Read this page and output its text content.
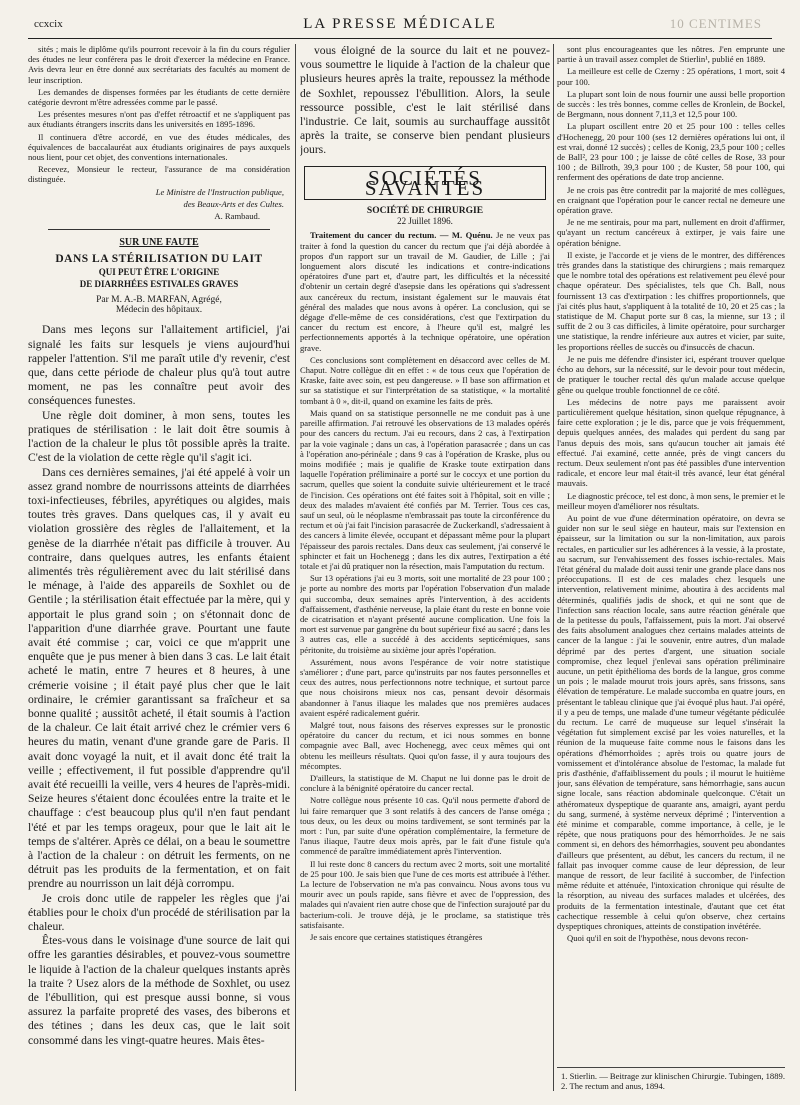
ccxcix	LA PRESSE MÉDICALE	10 CENTIMES

sités ; mais le diplôme qu'ils pourront recevoir à la fin du cours régulier des études ne leur conférera pas le droit d'exercer la médecine en France. Avis devra leur en être donné aux secrétariats des facultés au moment de leur inscription.

Les demandes de dispenses formées par les étudiants de cette dernière catégorie devront m'être adressées comme par le passé.

Les présentes mesures n'ont pas d'effet rétroactif et ne s'appliquent pas aux étudiants étrangers inscrits dans les universités en 1895-1896.

Il continuera d'être accordé, en vue des études médicales, des équivalences de baccalauréat aux étudiants originaires de pays auxquels nous lient, pour cet objet, des conventions internationales.

Recevez, Monsieur le recteur, l'assurance de ma considération distinguée.

Le Ministre de l'Instruction publique,

des Beaux-Arts et des Cultes.

A. Rambaud.

SUR UNE FAUTE
DANS LA STÉRILISATION DU LAIT
QUI PEUT ÊTRE L'ORIGINE
DE DIARRHÉES ESTIVALES GRAVES
Par M. A.-B. MARFAN, Agrégé,
Médecin des hôpitaux.

Dans mes leçons sur l'allaitement artificiel, j'ai signalé les faits sur lesquels je viens aujourd'hui rappeler l'attention. S'il me paraît utile d'y revenir, c'est que, dans cette période de chaleur plus qu'à tout autre moment, ne pas les connaître peut avoir des conséquences funestes.

Une règle doit dominer, à mon sens, toutes les pratiques de stérilisation : le lait doit être soumis à l'action de la chaleur le plus tôt possible après la traite. C'est de la violation de cette règle qu'il s'agit ici.

Dans ces dernières semaines, j'ai été appelé à voir un assez grand nombre de nourrissons atteints de diarrhées toxi-infectieuses, fébriles, apyrétiques ou algides, mais toutes très graves. Dans quelques cas, il y avait eu violation grossière des règles de l'allaitement, et la genèse de la diarrhée n'était pas difficile à trouver. Au contraire, dans quelques autres, les enfants étaient alimentés très régulièrement avec du lait stérilisé dans le ménage, à l'aide des appareils de Soxhlet ou de Gentile ; la stérilisation était effectuée par la mère, qui y apportait le plus grand soin ; on s'étonnait donc de l'apparition d'une diarrhée grave. Pourtant une faute avait été commise ; car, voici ce que m'apprit une enquête que je pus mener à bien dans 3 cas. Le lait était acheté le matin, entre 7 heures et 8 heures, à une crémerie voisine ; il était payé plus cher que le lait ordinaire, le crémier garantissant sa fraîcheur et sa bonne qualité ; aussitôt acheté, il était soumis à l'action de la chaleur. Ce lait était arrivé chez le crémier vers 6 heures du matin, venant d'une grande gare de Paris. Il avait donc voyagé la nuit, et il avait donc été trait la veille ; effectivement, il fut possible d'apprendre qu'il avait été recueilli la veille, vers 4 heures de l'après-midi. Seize heures s'étaient donc écoulées entre la traite et le chauffage : c'est beaucoup plus qu'il n'en faut pendant l'été et par les temps orageux, pour que le lait ait le temps de s'altérer. Après ce délai, on a beau le soumettre à l'action de la chaleur : on détruit les ferments, on ne détruit pas les produits de la fermentation, et on fait prendre au nourrisson un lait déjà corrompu.

Je crois donc utile de rappeler les règles que j'ai établies pour le choix d'un procédé de stérilisation par la chaleur.

Êtes-vous dans le voisinage d'une source de lait qui offre les garanties désirables, et pouvez-vous soumettre le liquide à l'action de la chaleur quelques instants après la traite ? Usez alors de la méthode de Soxhlet, ou usez de l'ébullition, qui est presque aussi bonne, si vous assurez la parfaite propreté des vases, des biberons et des tétines ; dans les deux cas, que le lait soit consommé dans les vingt-quatre heures. Mais êtes-

vous éloigné de la source du lait et ne pouvez-vous soumettre le liquide à l'action de la chaleur que plusieurs heures après la traite, repoussez la méthode de Soxhlet, repoussez l'ébullition. Alors, la seule ressource possible, c'est le lait stérilisé dans l'industrie. Ce lait, soumis au surchauffage aussitôt après la traite, se conserve bien pendant plusieurs jours.

SOCIÉTÉS SAVANTES
SOCIÉTÉ DE CHIRURGIE
22 Juillet 1896.

Traitement du cancer du rectum. — M. Quénu. Je ne veux pas traiter à fond la question du cancer du rectum que j'ai déjà abordée à propos d'un rapport sur un travail de M. Gaudier, de Lille ; j'ai longuement alors discuté les indications et contre-indications opératoires d'une part et, d'autre part, les difficultés et la nécessité d'obtenir un certain degré d'asepsie dans les opérations qui s'adressent aux cancéreux du rectum, insistant également sur le mauvais état général des malades que nous avons à opérer. La conclusion, qui se dégage d'elle-même de ces considérations, c'est que l'extirpation du cancer du rectum est encore, à l'heure qu'il est, malgré les perfectionnements apportés à la technique opératoire, une opération grave.

Ces conclusions sont complètement en désaccord avec celles de M. Chaput. Notre collègue dit en effet : « de tous ceux que l'opération de Kraske, faite avec soin, est peu dangereuse. » Il base son affirmation et sur sa statistique et sur l'interprétation de sa statistique, « la mortalité tombant à 0 », dit-il, quand on examine les faits de près.

Mais quand on sa statistique personnelle ne me conduit pas à une pareille affirmation. J'ai retrouvé les observations de 13 malades opérés pour des cancers du rectum. J'ai eu recours, dans 2 cas, à l'extirpation par la voie vaginale ; dans un cas, à l'opération parasacrée ; dans un cas à l'opération ano-périnéale ; dans 9 cas à l'opération de Kraske, plus ou moins modifiée ; mais je qualifie de Kraske toute extirpation dans laquelle l'opération préliminaire a porté sur le coccyx et une portion du sacrum, quelles que soient la conduite suivie ultérieurement et le tracé de l'incision. Ces opérations ont été faites soit à l'hôpital, soit en ville ; deux des malades m'avaient été confiés par M. Terrier. Tous ces cas, sauf un seul, où le néoplasme n'embrassait pas toute la circonférence du rectum et où j'ai fait l'incision parasacrée de Zuckerkandl, s'adressaient à des cancers à limite élevée, occupant et dépassant même pour la plupart l'épaisseur des parois rectales. Dans deux cas seulement, j'ai conservé le sphincter et fait un Hochenegg ; dans les dix autres, l'extirpation a été totale et j'ai dû pratiquer non la résection, mais l'amputation du rectum.

Sur 13 opérations j'ai eu 3 morts, soit une mortalité de 23 pour 100 ; je porte au nombre des morts par l'opération l'observation d'un malade qui succomba, deux semaines après l'intervention, à des accidents d'affaissement, d'asthénie nerveuse, la plaie étant du reste en bonne voie de cicatrisation et n'ayant présenté aucune complication. Une fois la mort est survenue par gangrène du bout supérieur fixé au sacré ; dans les 3 autres cas, elle a succédé à des accidents septicémiques, sans péritonite, du troisième au sixième jour après l'opération.

Assurément, nous avons l'espérance de voir notre statistique s'améliorer ; d'une part, parce qu'instruits par nos fautes personnelles et ceux des autres, nous perfectionnons notre technique, et surtout parce que nous choisirons mieux nos cas, pensant devoir désormais abandonner à l'anus iliaque les malades que nos premières audaces avaient espéré radicalement guérir.

Malgré tout, nous faisons des réserves expresses sur le pronostic opératoire du cancer du rectum, et ici nous sommes en bonne compagnie avec Ball, avec Hochenegg, avec ceux mêmes qui ont obtenu les meilleurs résultats. Quoi qu'on fasse, il y aura toujours des mécomptes.

D'ailleurs, la statistique de M. Chaput ne lui donne pas le droit de conclure à la bénignité opératoire du cancer rectal.

Notre collègue nous présente 10 cas. Qu'il nous permette d'abord de lui faire remarquer que 3 sont relatifs à des cancers de l'anse oméga ; tous deux, ou les deux ou moins tardivement, se sont terminés par la mort : l'un, par suite d'une opération complémentaire, la fermeture de l'anus iliaque, l'autre deux mois après, par le fait d'une fistule qu'a commencé de paraître immédiatement après l'intervention.

Il lui reste donc 8 cancers du rectum avec 2 morts, soit une mortalité de 25 pour 100. Je sais bien que l'une de ces morts est attribuée à l'éther. La lecture de l'observation ne m'a pas convaincu. Nous avons tous vu mourir avec un pouls rapide, sans fièvre et avec de l'oppression, des malades qui n'avaient rien autre chose que de l'infection surajouté par du bacterium-coli. Je trouve déjà, je le proclame, sa statistique très satisfaisante.

Je sais encore que certaines statistiques étrangères

sont plus encourageantes que les nôtres. J'en emprunte une partie à un travail assez complet de Stierlin¹, publié en 1889.

La meilleure est celle de Czerny : 25 opérations, 1 mort, soit 4 pour 100.

La plupart sont loin de nous fournir une aussi belle proportion de succès : les très bonnes, comme celles de Kronlein, de Bockel, de Bergmann, nous donnent 7,11,3 et 12,5 pour 100.

La plupart oscillent entre 20 et 25 pour 100 : telles celles d'Hochenegg, 20 pour 100 (ses 12 dernières opérations lui ont, il est vrai, donné 12 succès) ; celles de Konig, 23,5 pour 100 ; celles de Ball², 23 pour 100 ; je laisse de côté celles de Rose, 33 pour 100 ; de Billroth, 39,3 pour 100 ; de Kuster, 58 pour 100, qui renferment des opérations de date trop ancienne.

Je ne crois pas être contredit par la majorité de mes collègues, en craignant que l'opération pour le cancer rectal ne demeure une opération grave.

Je ne me sentirais, pour ma part, nullement en droit d'affirmer, qu'ayant un rectum cancéreux à extirper, je vais faire une opération bénigne.

Il existe, je l'accorde et je viens de le montrer, des différences très grandes dans la statistique des chirurgiens ; mais remarquez que le nombre total des opérations est relativement peu élevé pour chaque opérateur. Des spécialistes, tels que Ch. Ball, nous fournissent 13 cas d'extirpation : les chiffres proportionnels, que j'ai cités plus haut, s'appliquent à la totalité de 10, 20 et 25 cas ; la statistique de M. Chaput porte sur 8 cas, la mienne, sur 13 ; il suffit de 2 ou 3 cas difficiles, à limite opératoire, pour surcharger une statistique, la rendre inférieure aux autres et vicier, par suite, les proportions réelles de succès ou d'insuccès de chacun.

Je ne puis me défendre d'insister ici, espérant trouver quelque écho au dehors, sur la nécessité, sur le devoir pour tout médecin, de pratiquer le toucher rectal dès qu'un malade accuse quelque gêne ou quelque trouble fonctionnel de ce côté.

Les médecins de notre pays me paraissent avoir particulièrement quelque hésitation, sinon quelque répugnance, à faire cette exploration ; je le dis, parce que je vois fréquemment, depuis quelques années, des malades qui perdent du sang par l'anus depuis des mois, sans qu'aucun toucher ait jamais été effectué. J'ai examiné, cette année, près de vingt cancers du rectum. Deux seulement n'ont pas été passibles d'une intervention radicale, et encore leur mal était-il très avancé, leur état général mauvais.

Le diagnostic précoce, tel est donc, à mon sens, le premier et le meilleur moyen d'améliorer nos résultats.

Au point de vue d'une détermination opératoire, on devra se guider non sur le seul siège en hauteur, mais sur l'extension en épaisseur, sur la limitation ou sur la non-limitation, aux parois rectales, en particulier sur les adhérences à la vessie, à la prostate, au sacrum, sur l'envahissement des fosses ischio-rectales. Mais l'état général du malade doit aussi tenir une grande place dans nos préoccupations. Il est de ces malades chez lesquels une intervention, relativement minime, aboutira à des accidents mal déterminés, qualifiés jadis de shock, et qui ne sont que de l'infection sans réaction locale, sans autre réaction générale que de la petitesse du pouls, l'affaissement, puis la mort. J'ai observé des faits absolument analogues chez certains malades atteints de cancer de la langue : j'ai le souvenir, entre autres, d'un malade déprimé par des pertes d'argent, une situation sociale compromise, chez lequel j'enlevai sans opération préliminaire aucune, un petit épithélioma des bords de la langue, gros comme un pois ; le malade mourut trois jours après, sans frissons, sans élévation de température. Le malade succomba en quatre jours, en présentant le tableau clinique que j'ai évoqué plus haut. J'ai opéré, il y a peu de temps, une malade d'une tumeur végétante pédiculée du rectum. Le carré de muqueuse sur lequel s'insérait la végétation fut simplement excisé par les voies naturelles, et la réunion de la muqueuse faite comme nous le faisons dans les opérations d'hémorrhoïdes ; après trois ou quatre jours de vomissement et d'intolérance absolue de l'estomac, la malade fut pris d'asthénie, d'affaiblissement du pouls ; il mourut le huitième jour, sans élévation de température, sans hémorrhagie, sans aucun signe locale, sans réaction abdominale quelconque. C'était un athéromateux dyspeptique de quarante ans, amaigri, ayant perdu du sang, surmené, à système nerveux déprimé ; l'intervention a été minime et comparable, comme importance, à celle, je le répète, que nous pratiquons pour des hémorrhoïdes. Je ne sais comment si, en dehors des hémorrhagies, souvent peu abondantes d'ailleurs que présentent, au début, les cancers du rectum, il ne fallait pas invoquer comme cause de leur dépression, de leur manque de ressort, de leur facilité à succomber, de l'infection même réduite et atténuée, l'intoxication chronique qui résulte de la résorption, au niveau des surfaces malades et ulcérées, des produits de la fermentation intestinale, d'autant que cet état cachectique ressemble à celui qu'on observe, chez certains dyspeptiques chroniques, atteints de constipation invétérée.

Quoi qu'il en soit de l'hypothèse, nous devons recon-

1. Stierlin. — Beitrage zur klinischen Chirurgie. Tubingen, 1889.

2. The rectum and anus, 1894.
